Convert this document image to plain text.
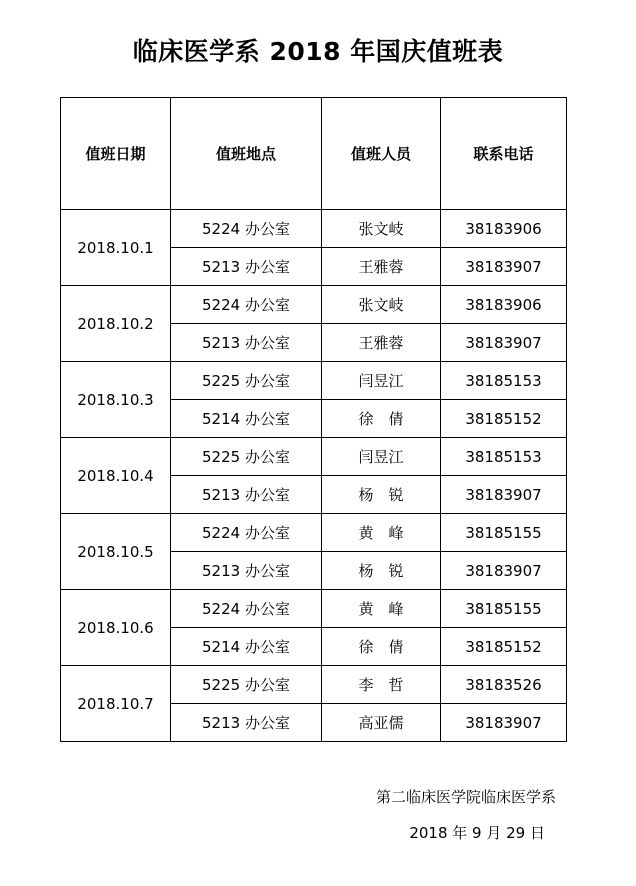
临床医学系 2018 年国庆值班表
值班日期	值班地点	值班人员	联系电话
2018.10.1	5224 办公室	张文岐	38183906
	5213 办公室	王雅蓉	38183907
2018.10.2	5224 办公室	张文岐	38183906
	5213 办公室	王雅蓉	38183907
2018.10.3	5225 办公室	闫昱江	38185153
	5214 办公室	徐　倩	38185152
2018.10.4	5225 办公室	闫昱江	38185153
	5213 办公室	杨　锐	38183907
2018.10.5	5224 办公室	黄　峰	38185155
	5213 办公室	杨　锐	38183907
2018.10.6	5224 办公室	黄　峰	38185155
	5214 办公室	徐　倩	38185152
2018.10.7	5225 办公室	李　哲	38183526
	5213 办公室	高亚儒	38183907
第二临床医学院临床医学系
2018 年 9 月 29 日
